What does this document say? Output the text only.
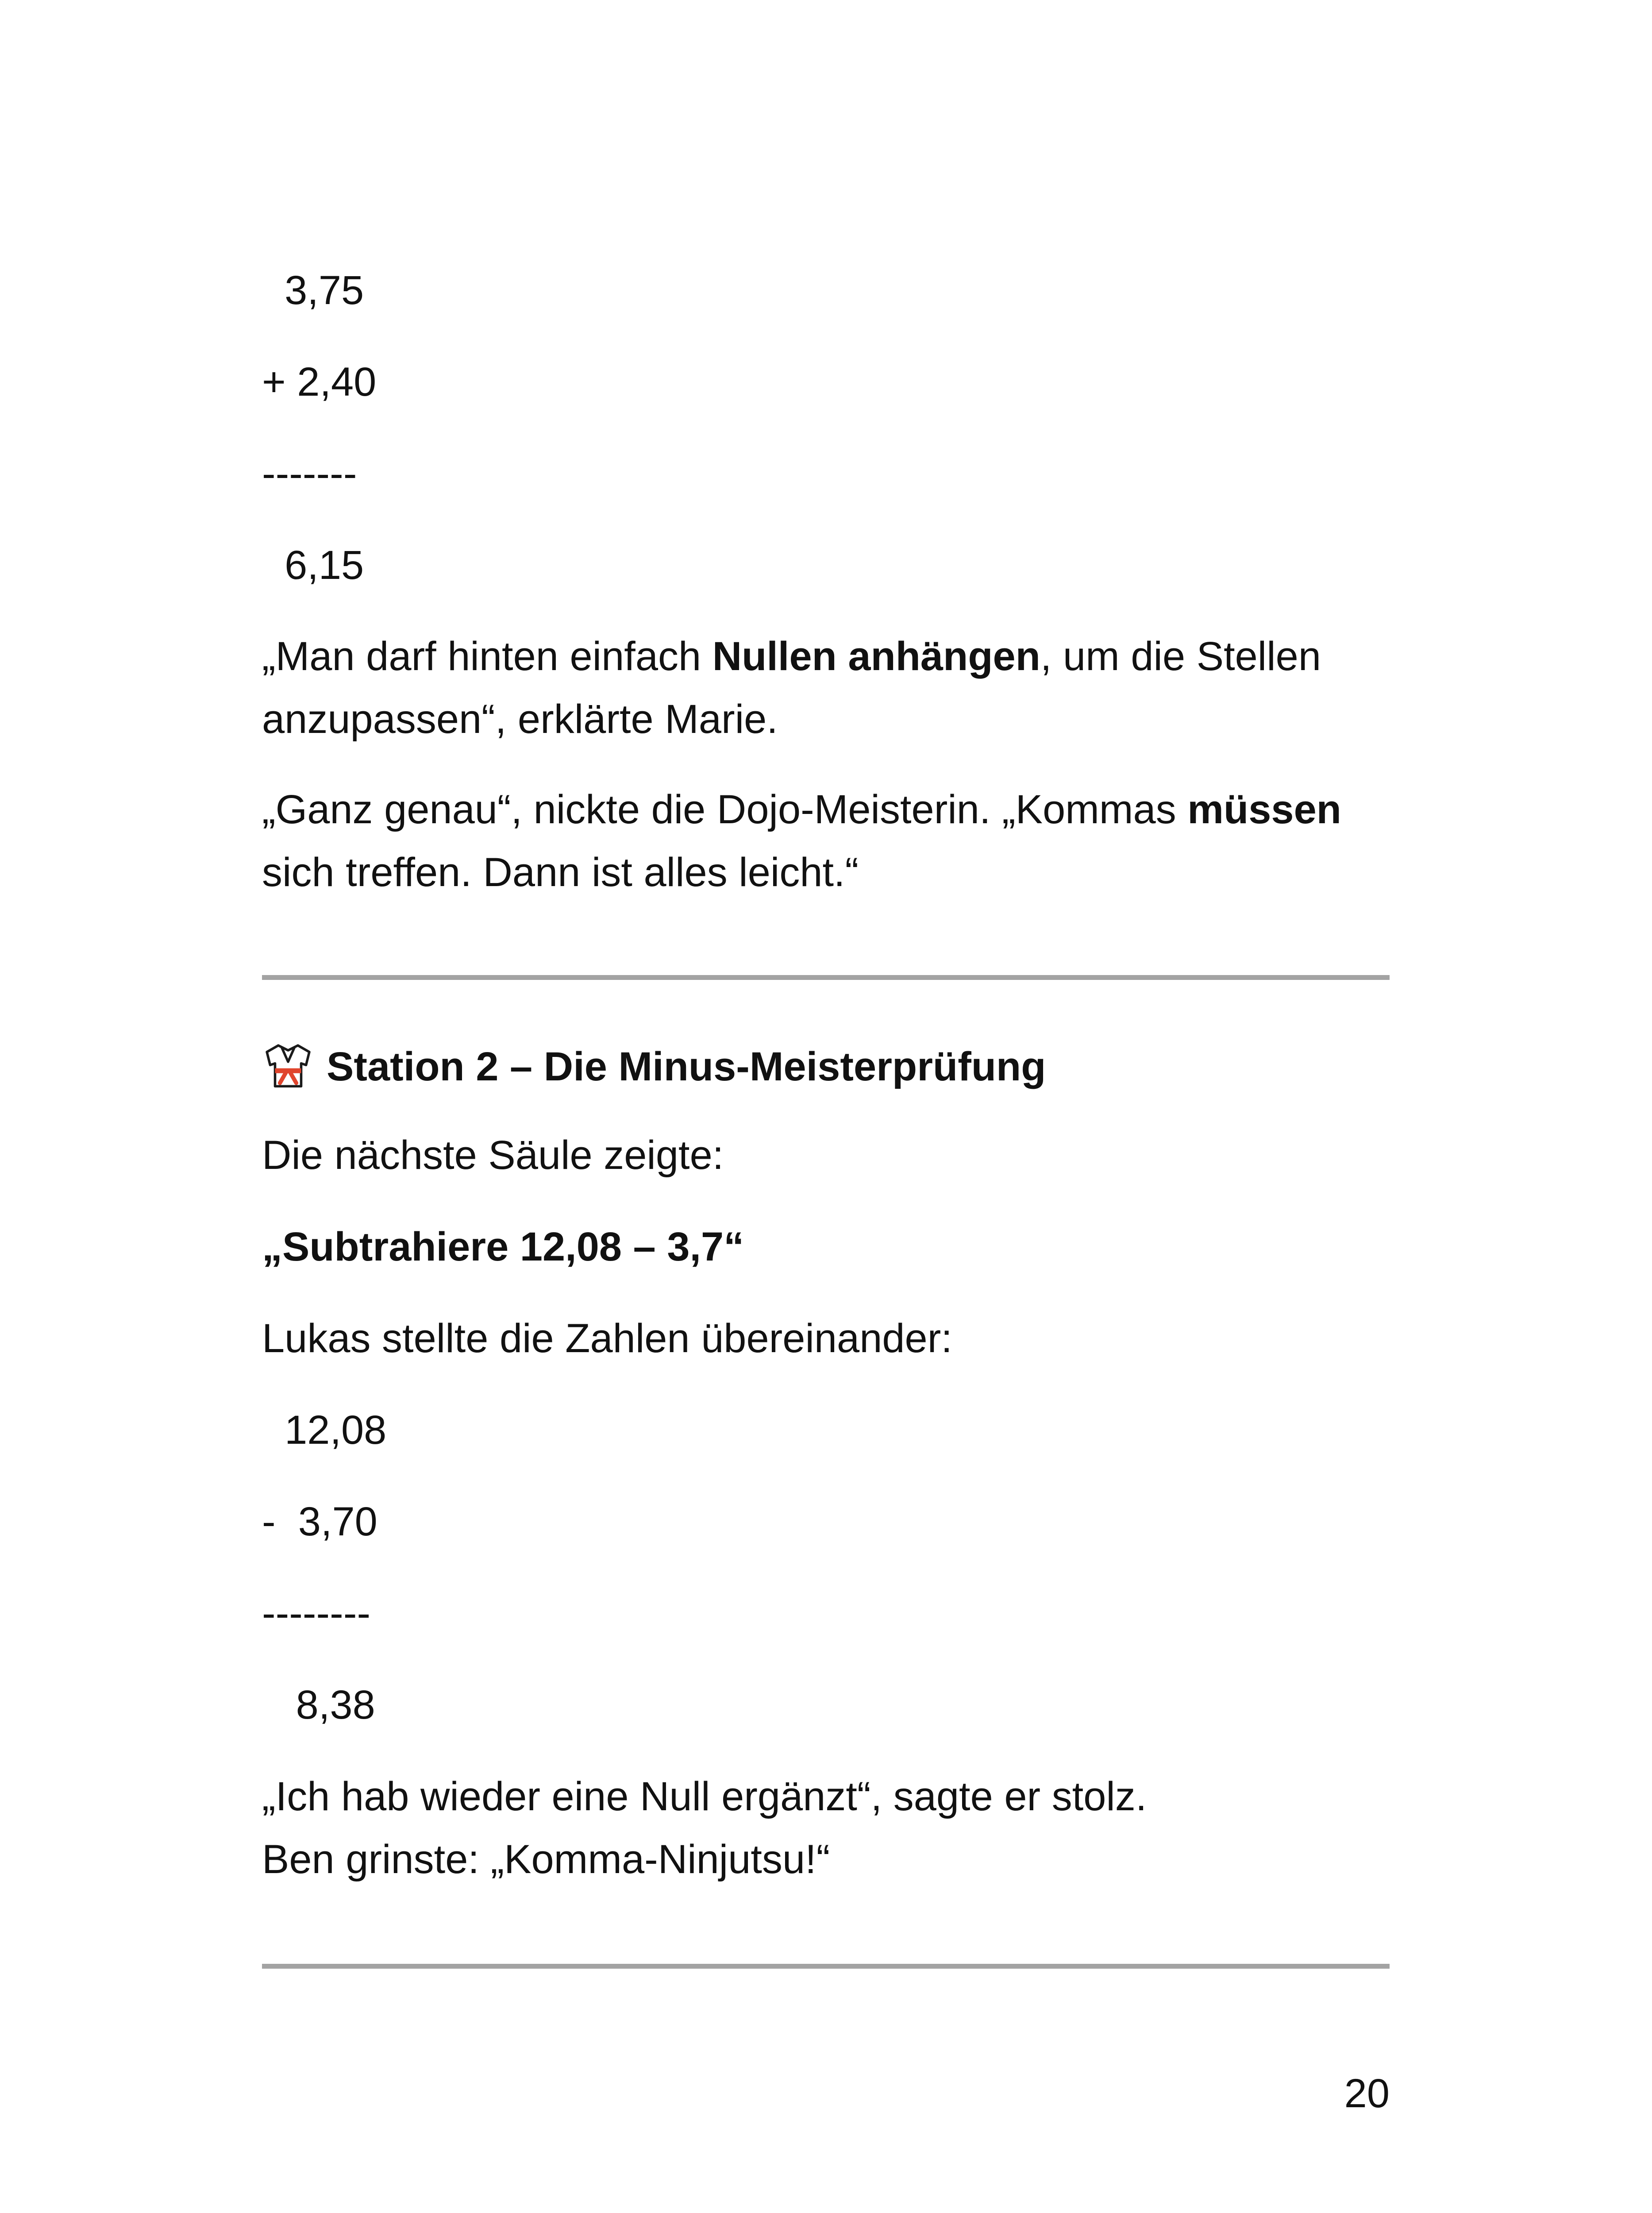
3,75
+ 2,40
-------
6,15

„Man darf hinten einfach Nullen anhängen, um die Stellen anzupassen“, erklärte Marie.

„Ganz genau“, nickte die Dojo-Meisterin. „Kommas müssen sich treffen. Dann ist alles leicht.“

Station 2 – Die Minus-Meisterprüfung
Die nächste Säule zeigte:
„Subtrahiere 12,08 – 3,7“
Lukas stellte die Zahlen übereinander:
12,08
-  3,70
--------
8,38
„Ich hab wieder eine Null ergänzt“, sagte er stolz.
Ben grinste: „Komma-Ninjutsu!“
20
